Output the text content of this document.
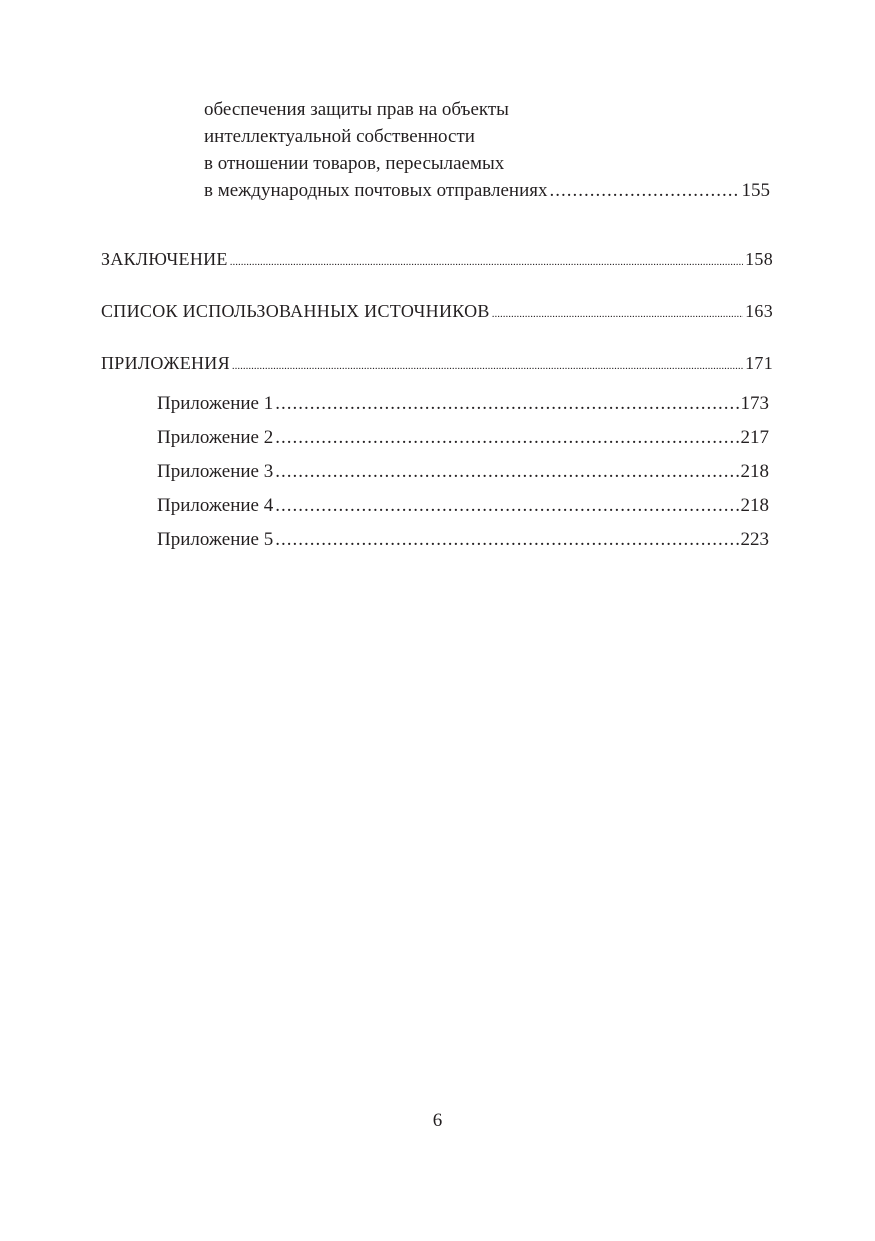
обеспечения защиты прав на объекты
интеллектуальной собственности
в отношении товаров, пересылаемых
в международных почтовых отправлениях .....	155
ЗАКЛЮЧЕНИЕ .....	158
СПИСОК ИСПОЛЬЗОВАННЫХ ИСТОЧНИКОВ .....	163
ПРИЛОЖЕНИЯ .....	171
Приложение 1 .....	173
Приложение 2 .....	217
Приложение 3 .....	218
Приложение 4 .....	218
Приложение 5 .....	223
6
